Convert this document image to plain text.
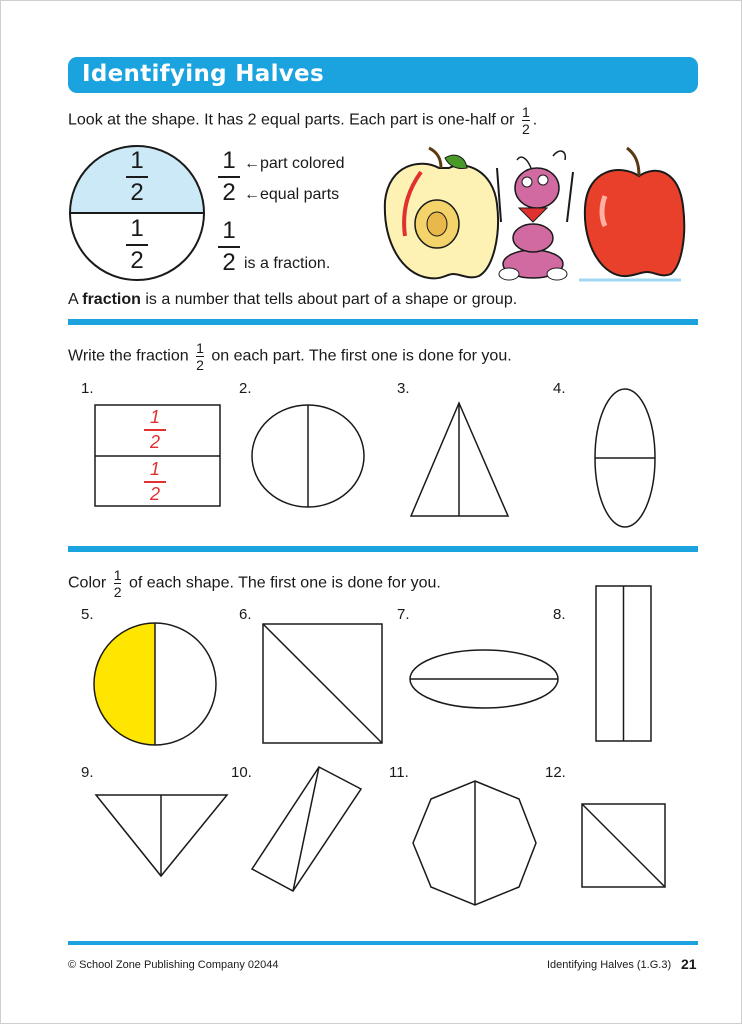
Identifying Halves
Look at the shape. It has 2 equal parts. Each part is one-half or $\frac{1}{2}$ .
1
2
1
2
1
2
←part colored
←equal parts
1
2 is a fraction.
A fraction is a number that tells about part of a shape or group.
Write the fraction $\frac{1}{2}$ on each part. The first one is done for you.
1.	2.	3.	4.
1
2
1
2
Color $\frac{1}{2}$ of each shape. The first one is done for you.
5.	6.	7.	8.
9.	10.	11.	12.
© School Zone Publishing Company 02044	Identifying Halves (1.G.3) 21
